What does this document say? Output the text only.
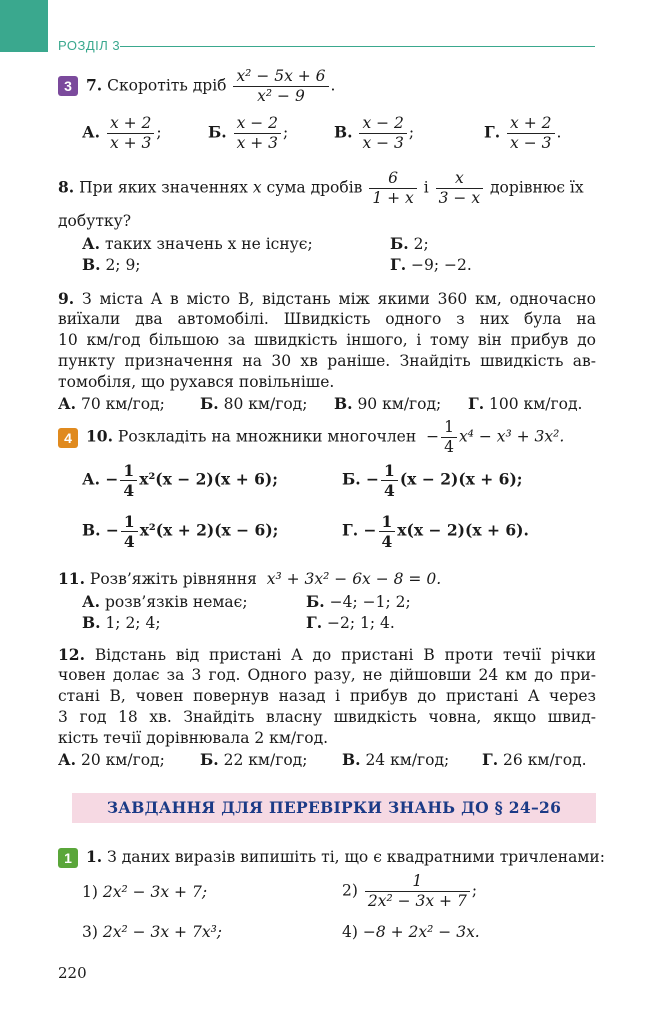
РОЗДІЛ 3
3 7. Скоротіть дріб $\frac{\text{x² − 5x + 6}}{\text{x² − 9}}$ .
А. $\frac{x + 2}{x + 3}$ ;	Б. $\frac{x - 2}{x + 3}$ ;	В. $\frac{x - 2}{x - 3}$ ;	Г. $\frac{x + 2}{x - 3}$ .
8. При яких значеннях x сума дробів $\frac{6}{1 + x}$ і $\frac{x}{3 - x}$ дорівнює їх
добутку?
А. таких значень x не існує;	Б. 2;
В. 2; 9;	Г. −9; −2.
9. З міста A в місто B, відстань між якими 360 км, одночасно
виїхали два автомобілі. Швидкість одного з них була на
10 км/год більшою за швидкість іншого, і тому він прибув до
пункту призначення на 30 хв раніше. Знайдіть швидкість ав-
томобіля, що рухався повільніше.
А. 70 км/год; Б. 80 км/год; В. 90 км/год; Г. 100 км/год.
4 10. Розкладіть на множники многочлен − $\frac{1}{4} x^4 - x^3 + 3x^2$.
А. − $\frac{1}{4} x^2(x - 2)(x + 6)$;	Б. − $\frac{1}{4} (x - 2)(x + 6)$;
В. − $\frac{1}{4} x^2(x + 2)(x - 6)$;	Г. − $\frac{1}{4} x(x - 2)(x + 6)$.
11. Розв’яжіть рівняння x³ + 3x² − 6x − 8 = 0.
А. розв’язків немає;	Б. −4; −1; 2;
В. 1; 2; 4;	Г. −2; 1; 4.
12. Відстань від пристані A до пристані B проти течії річки
човен долає за 3 год. Одного разу, не дійшовши 24 км до при-
стані B, човен повернув назад і прибув до пристані A через
3 год 18 хв. Знайдіть власну швидкість човна, якщо швид-
кість течії дорівнювала 2 км/год.
А. 20 км/год; Б. 22 км/год; В. 24 км/год; Г. 26 км/год.
ЗАВДАННЯ ДЛЯ ПЕРЕВІРКИ ЗНАНЬ ДО § 24–26
1 1. З даних виразів випишіть ті, що є квадратними тричленами:
1) 2x² − 3x + 7;	$2) \frac{1}{\text{2x² − 3x + 7}}$ ;
3) 2x² − 3x + 7x³;	4) −8 + 2x² − 3x.
220
